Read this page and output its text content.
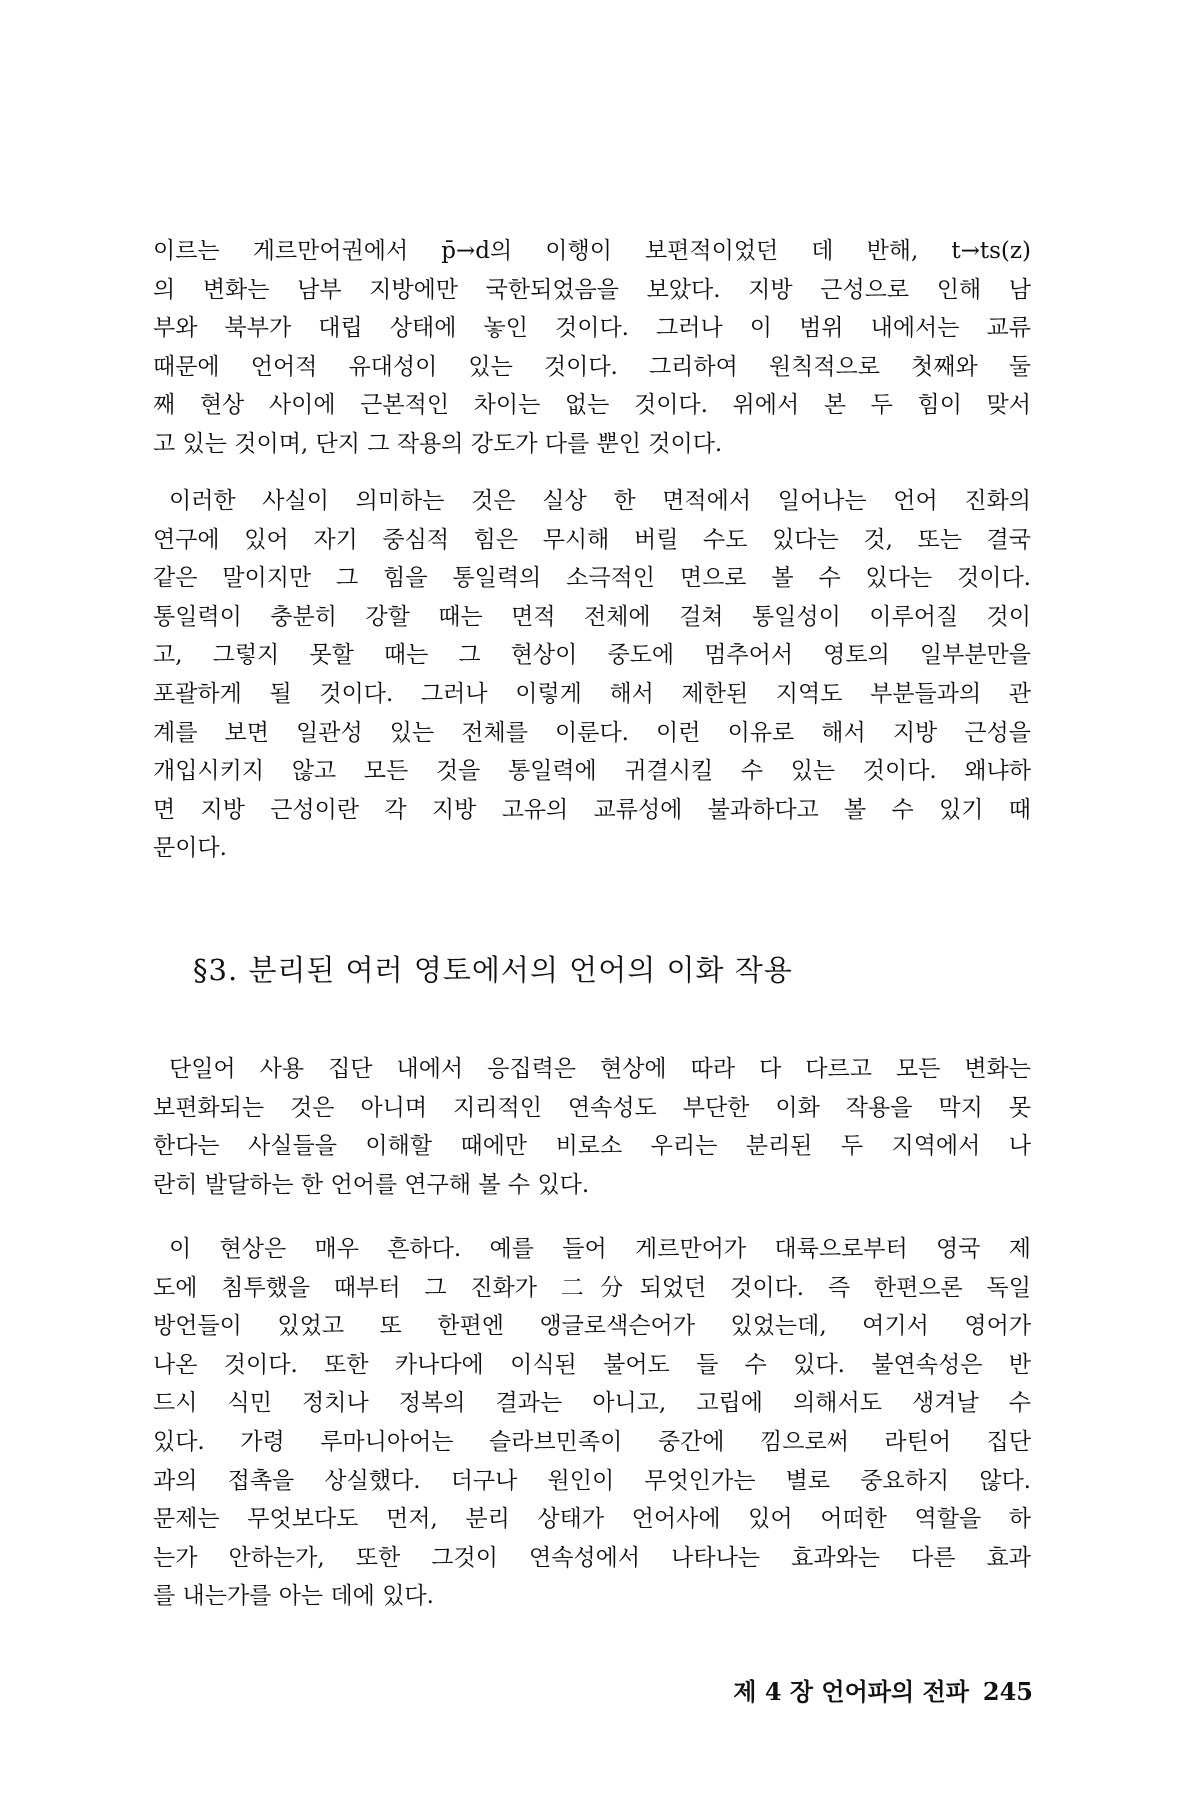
이르는 게르만어권에서 p̄→d의 이행이 보편적이었던 데 반해, t→ts(z)
의 변화는 남부 지방에만 국한되었음을 보았다. 지방 근성으로 인해 남
부와 북부가 대립 상태에 놓인 것이다. 그러나 이 범위 내에서는 교류
때문에 언어적 유대성이 있는 것이다. 그리하여 원칙적으로 첫째와 둘
째 현상 사이에 근본적인 차이는 없는 것이다. 위에서 본 두 힘이 맞서
고 있는 것이며, 단지 그 작용의 강도가 다를 뿐인 것이다.
이러한 사실이 의미하는 것은 실상 한 면적에서 일어나는 언어 진화의
연구에 있어 자기 중심적 힘은 무시해 버릴 수도 있다는 것, 또는 결국
같은 말이지만 그 힘을 통일력의 소극적인 면으로 볼 수 있다는 것이다.
통일력이 충분히 강할 때는 면적 전체에 걸쳐 통일성이 이루어질 것이
고, 그렇지 못할 때는 그 현상이 중도에 멈추어서 영토의 일부분만을
포괄하게 될 것이다. 그러나 이렇게 해서 제한된 지역도 부분들과의 관
계를 보면 일관성 있는 전체를 이룬다. 이런 이유로 해서 지방 근성을
개입시키지 않고 모든 것을 통일력에 귀결시킬 수 있는 것이다. 왜냐하
면 지방 근성이란 각 지방 고유의 교류성에 불과하다고 볼 수 있기 때
문이다.
§3. 분리된 여러 영토에서의 언어의 이화 작용
단일어 사용 집단 내에서 응집력은 현상에 따라 다 다르고 모든 변화는
보편화되는 것은 아니며 지리적인 연속성도 부단한 이화 작용을 막지 못
한다는 사실들을 이해할 때에만 비로소 우리는 분리된 두 지역에서 나
란히 발달하는 한 언어를 연구해 볼 수 있다.
이 현상은 매우 흔하다. 예를 들어 게르만어가 대륙으로부터 영국 제
도에 침투했을 때부터 그 진화가 二分되었던 것이다. 즉 한편으론 독일
방언들이 있었고 또 한편엔 앵글로색슨어가 있었는데, 여기서 영어가
나온 것이다. 또한 카나다에 이식된 불어도 들 수 있다. 불연속성은 반
드시 식민 정치나 정복의 결과는 아니고, 고립에 의해서도 생겨날 수
있다. 가령 루마니아어는 슬라브민족이 중간에 낌으로써 라틴어 집단
과의 접촉을 상실했다. 더구나 원인이 무엇인가는 별로 중요하지 않다.
문제는 무엇보다도 먼저, 분리 상태가 언어사에 있어 어떠한 역할을 하
는가 안하는가, 또한 그것이 연속성에서 나타나는 효과와는 다른 효과
를 내는가를 아는 데에 있다.
제 4 장 언어파의 전파 245
